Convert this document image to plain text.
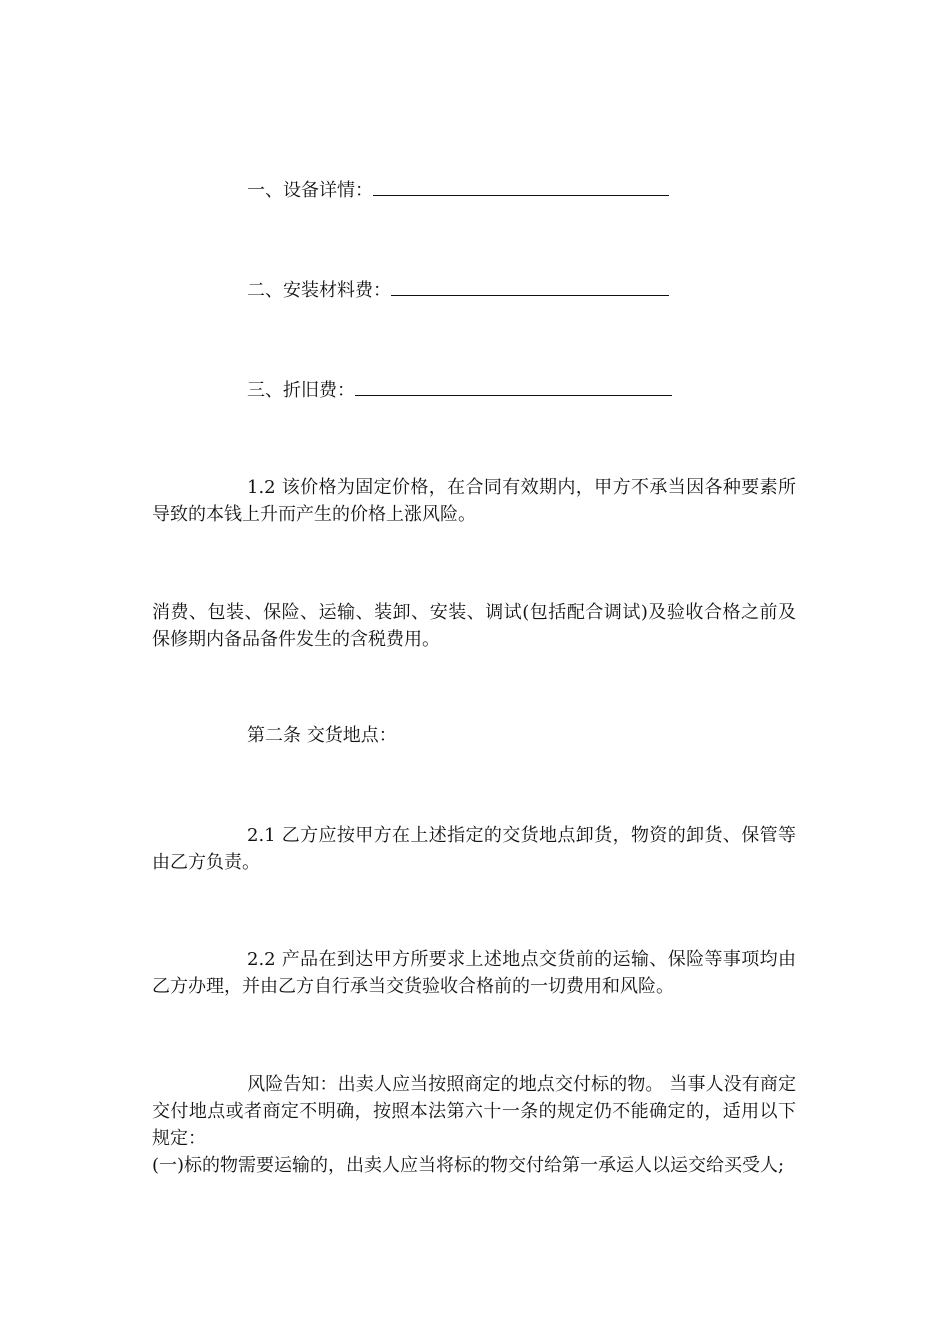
一、设备详情：
二、安装材料费：
三、折旧费：
1.2 该价格为固定价格，在合同有效期内，甲方不承当因各种要素所导致的本钱上升而产生的价格上涨风险。
消费、包装、保险、运输、装卸、安装、调试(包括配合调试)及验收合格之前及保修期内备品备件发生的含税费用。
第二条 交货地点：
2.1 乙方应按甲方在上述指定的交货地点卸货，物资的卸货、保管等由乙方负责。
2.2 产品在到达甲方所要求上述地点交货前的运输、保险等事项均由乙方办理，并由乙方自行承当交货验收合格前的一切费用和风险。
风险告知：出卖人应当按照商定的地点交付标的物。 当事人没有商定交付地点或者商定不明确，按照本法第六十一条的规定仍不能确定的，适用以下规定：
(一)标的物需要运输的，出卖人应当将标的物交付给第一承运人以运交给买受人;
